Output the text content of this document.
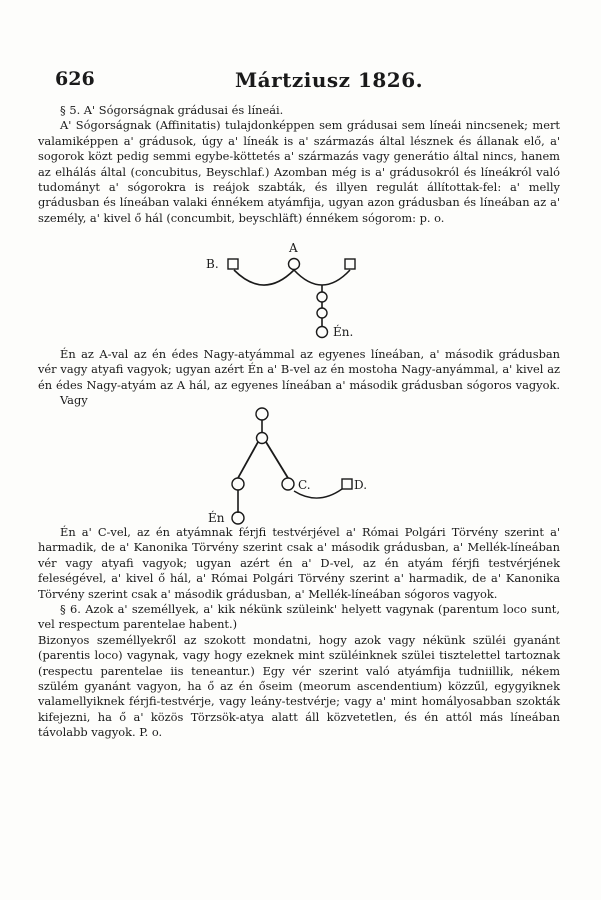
626	Mártziusz 1826.

§ 5. A' Sógorságnak grádusai és líneái.

A' Sógorságnak (Affinitatis) tulajdonképpen sem grádusai sem líneái nincsenek; mert valamiképpen a' grádusok, úgy a' líneák is a' származás által lésznek és állanak elő, a' sogorok közt pedig semmi egybe-köttetés a' származás vagy generátio által nincs, hanem az elhálás által (concubitus, Beyschlaf.) Azomban még is a' grádusokról és líneákról való tudományt a' sógorokra is reájok szabták, és illyen regulát állítottak-fel: a' melly grádusban és líneában valaki énnékem atyámfija, ugyan azon grádusban és líneában az a' személy, a' kivel ő hál (concumbit, beyschläft) énnékem sógorom: p. o.

B.
A
Én.

Én az A-val az én édes Nagy-atyámmal az egyenes líneában, a' második grádusban vér vagy atyafi vagyok; ugyan azért Én a' B-vel az én mostoha Nagy-anyámmal, a' kivel az én édes Nagy-atyám az A hál, az egyenes líneában a' második grádusban sógoros vagyok. Vagy

Én
C.	D.

Én a' C-vel, az én atyámnak férjfi testvérjével a' Római Polgári Törvény szerint a' harmadik, de a' Kanonika Törvény szerint csak a' második grádusban, a' Mellék-líneában vér vagy atyafi vagyok; ugyan azért én a' D-vel, az én atyám férjfi testvérjének feleségével, a' kivel ő hál, a' Római Polgári Törvény szerint a' harmadik, de a' Kanonika Törvény szerint csak a' második grádusban, a' Mellék-líneában sógoros vagyok.

§ 6. Azok a' személlyek, a' kik nékünk szüleink' helyett vagynak (parentum loco sunt, vel respectum parentelae habent.)

Bizonyos személlyekről az szokott mondatni, hogy azok vagy nékünk szüléi gyanánt (parentis loco) vagynak, vagy hogy ezeknek mint szüléinknek szülei tisztelettel tartoznak (respectu parentelae iis teneantur.) Egy vér szerint való atyámfija tudniillik, nékem szülém gyanánt vagyon, ha ő az én őseim (meorum ascendentium) közzűl, egygyiknek valamellyiknek férjfi-testvérje, vagy leány-testvérje; vagy a' mint homályosabban szokták kifejezni, ha ő a' közös Törzsök-atya alatt áll közvetetlen, és én attól más líneában távolabb vagyok. P. o.
